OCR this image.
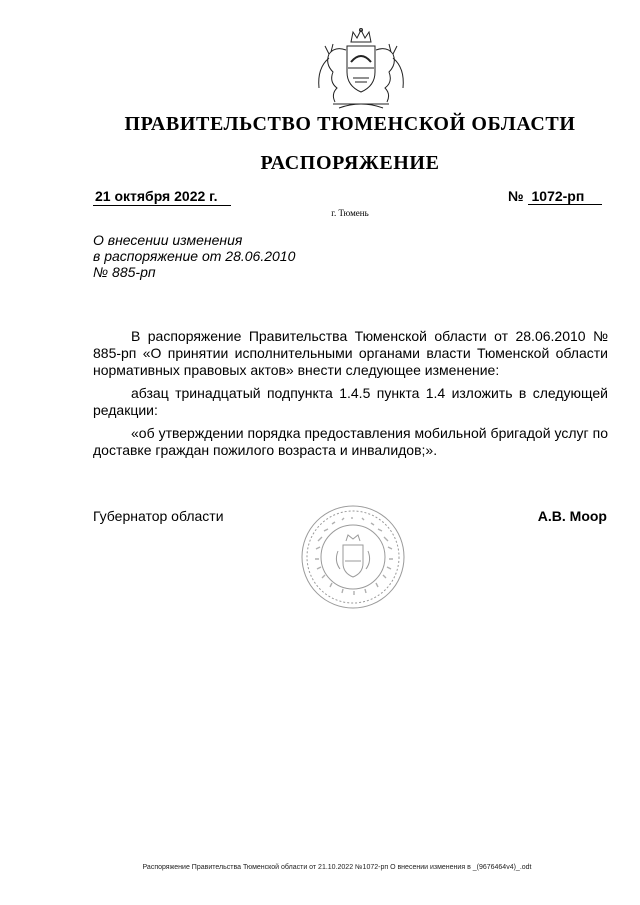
ПРАВИТЕЛЬСТВО ТЮМЕНСКОЙ ОБЛАСТИ
РАСПОРЯЖЕНИЕ
21 октября 2022 г.	№ 1072-рп
г. Тюмень
О внесении изменения
в распоряжение от 28.06.2010
№ 885-рп

В распоряжение Правительства Тюменской области от 28.06.2010 № 885-рп «О принятии исполнительными органами власти Тюменской области нормативных правовых актов» внести следующее изменение:

абзац тринадцатый подпункта 1.4.5 пункта 1.4 изложить в следующей редакции:

«об утверждении порядка предоставления мобильной бригадой услуг по доставке граждан пожилого возраста и инвалидов;».

Губернатор области	А.В. Моор
Распоряжение Правительства Тюменской области от 21.10.2022 №1072-рп О внесении изменения в _(9676464v4)_.odt
